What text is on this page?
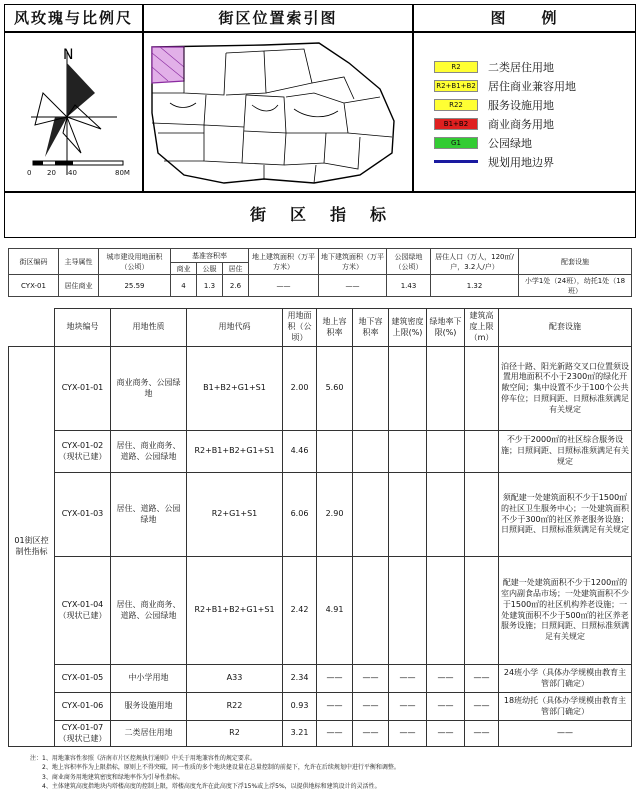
风玫瑰与比例尺	街区位置索引图	图　　例
N
0 20 40	80M
R2	二类居住用地
R2+B1+B2 居住商业兼容用地
R22	服务设施用地
B1+B2	商业商务用地
G1	公园绿地
规划用地边界
街　区　指　标
街区编码	主导属性	城市建设用地面积（公顷）	基准容积率			地上建筑面积（万平方米）	地下建筑面积（万平方米）	公园绿地（公顷）	居住人口（万人，120㎡/户，3.2人/户）	配套设施
			商业	公服	居住					
CYX-01	居住商业	25.59	4	1.3	2.6	——	——	1.43	1.32	小学1处（24班），幼托1处（18班）
	地块编号	用地性质	用地代码	用地面积（公顷）	地上容积率	地下容积率	建筑密度上限(%)	绿地率下限(%)	建筑高度上限（m）	配套设施
01街区控制性指标	CYX-01-01	商业商务、公园绿地	B1+B2+G1+S1	2.00	5.60					泊径十路、阳光新路交叉口位置须设置用地面积不小于2300㎡的绿化开敞空间；集中设置不少于100个公共停车位；日照间距、日照标准须满足有关规定
	CYX-01-02（现状已建）	居住、商业商务、道路、公园绿地	R2+B1+B2+G1+S1	4.46						不少于2000㎡的社区综合服务设施；日照间距、日照标准须满足有关规定
	CYX-01-03	居住、道路、公园绿地	R2+G1+S1	6.06	2.90					须配建一处建筑面积不少于1500㎡的社区卫生服务中心；一处建筑面积不少于300㎡的社区养老服务设施；日照间距、日照标准须满足有关规定
	CYX-01-04（现状已建）	居住、商业商务、道路、公园绿地	R2+B1+B2+G1+S1	2.42	4.91					配建一处建筑面积不少于1200㎡的室内副食品市场；一处建筑面积不少于1500㎡的社区机构养老设施；一处建筑面积不少于500㎡的社区养老服务设施；日照间距、日照标准须满足有关规定
	CYX-01-05	中小学用地	A33	2.34	——	——	——	——	——	24班小学（具体办学规模由教育主管部门确定）
	CYX-01-06	服务设施用地	R22	0.93	——	——	——	——	——	18班幼托（具体办学规模由教育主管部门确定）
	CYX-01-07（现状已建）	二类居住用地	R2	3.21	——	——	——	——	——	——
注：1、用地兼容性参照《济南市片区控规执行通则》中关于用地兼容性的规定要求。
2、地上容积率作为上限指标，原则上不得突破，同一性质的多个地块建设量在总量控制的前提下，允许在后续规划中进行平衡和调整。
3、商业商务用地建筑密度和绿地率作为引导性指标。
4、主体建筑高度指地块内塔楼高度的控制上限，塔楼高度允许在此高度下浮15%或上浮5%，以提供地标和建筑设计的灵活性。
